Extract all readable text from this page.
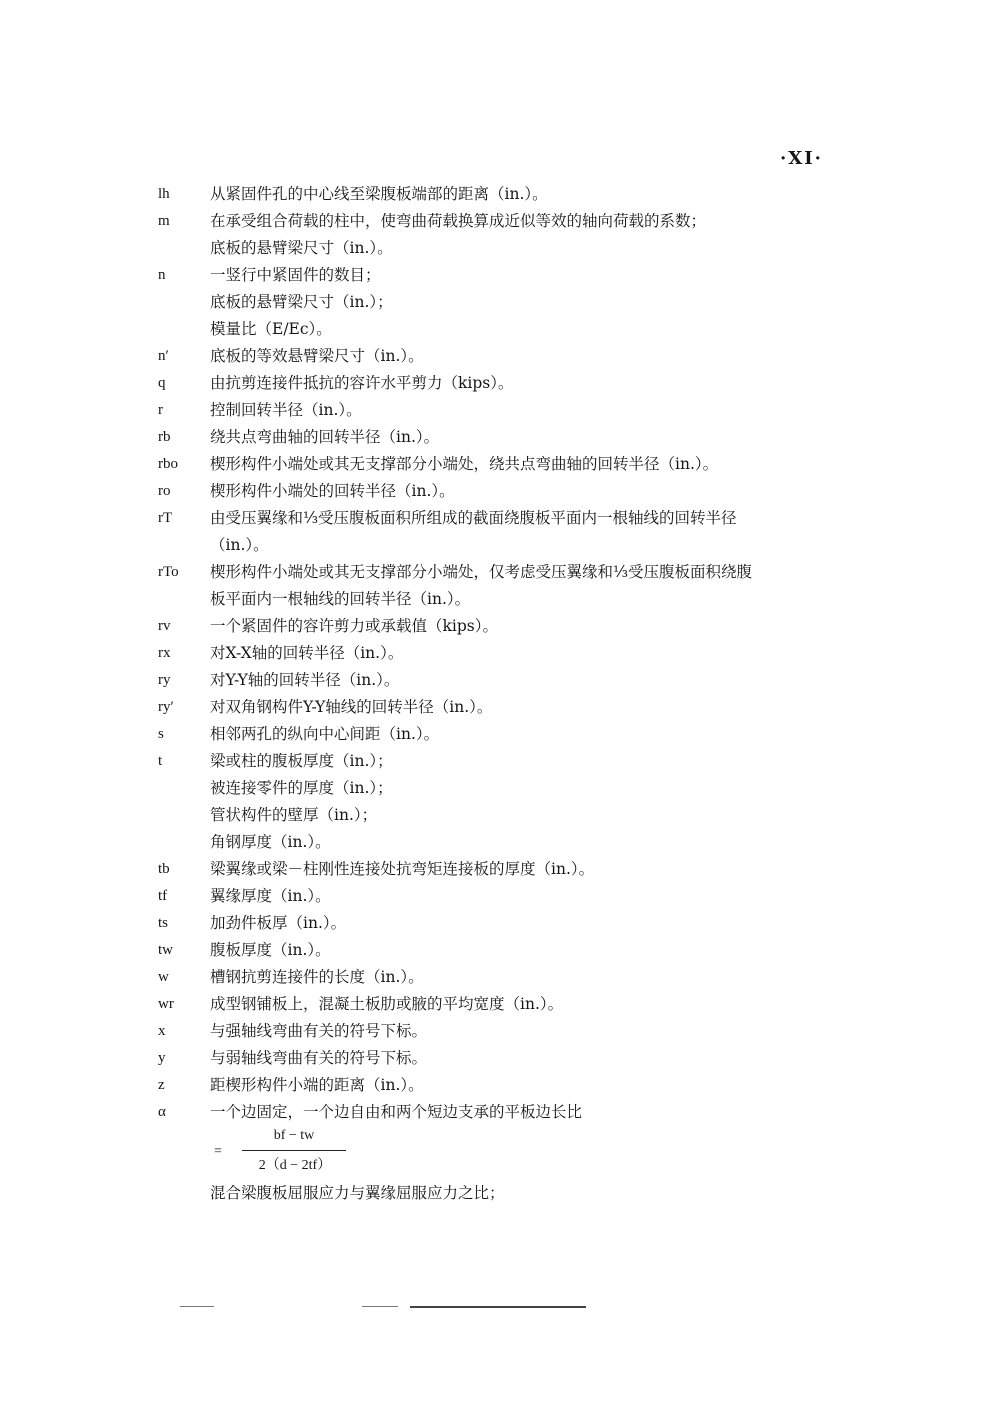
·XI·
lh	从紧固件孔的中心线至梁腹板端部的距离（in.）。
m	在承受组合荷载的柱中，使弯曲荷载换算成近似等效的轴向荷载的系数；
底板的悬臂梁尺寸（in.）。
n	一竖行中紧固件的数目；
底板的悬臂梁尺寸（in.）；
模量比（E/Ec）。
n′	底板的等效悬臂梁尺寸（in.）。
q	由抗剪连接件抵抗的容许水平剪力（kips）。
r	控制回转半径（in.）。
rb	绕共点弯曲轴的回转半径（in.）。
rbo	楔形构件小端处或其无支撑部分小端处，绕共点弯曲轴的回转半径（in.）。
ro	楔形构件小端处的回转半径（in.）。
rT	由受压翼缘和⅓受压腹板面积所组成的截面绕腹板平面内一根轴线的回转半径
（in.）。
rTo	楔形构件小端处或其无支撑部分小端处，仅考虑受压翼缘和⅓受压腹板面积绕腹
板平面内一根轴线的回转半径（in.）。
rv	一个紧固件的容许剪力或承载值（kips）。
rx	对X-X轴的回转半径（in.）。
ry	对Y-Y轴的回转半径（in.）。
ry′	对双角钢构件Y-Y轴线的回转半径（in.）。
s	相邻两孔的纵向中心间距（in.）。
t	梁或柱的腹板厚度（in.）；
被连接零件的厚度（in.）；
管状构件的壁厚（in.）；
角钢厚度（in.）。
tb	梁翼缘或梁－柱刚性连接处抗弯矩连接板的厚度（in.）。
tf	翼缘厚度（in.）。
ts	加劲件板厚（in.）。
tw	腹板厚度（in.）。
w	槽钢抗剪连接件的长度（in.）。
wr	成型钢铺板上，混凝土板肋或腋的平均宽度（in.）。
x	与强轴线弯曲有关的符号下标。
y	与弱轴线弯曲有关的符号下标。
z	距楔形构件小端的距离（in.）。
α	一个边固定，一个边自由和两个短边支承的平板边长比
=
bf − tw
2（d − 2tf）
混合梁腹板屈服应力与翼缘屈服应力之比；
